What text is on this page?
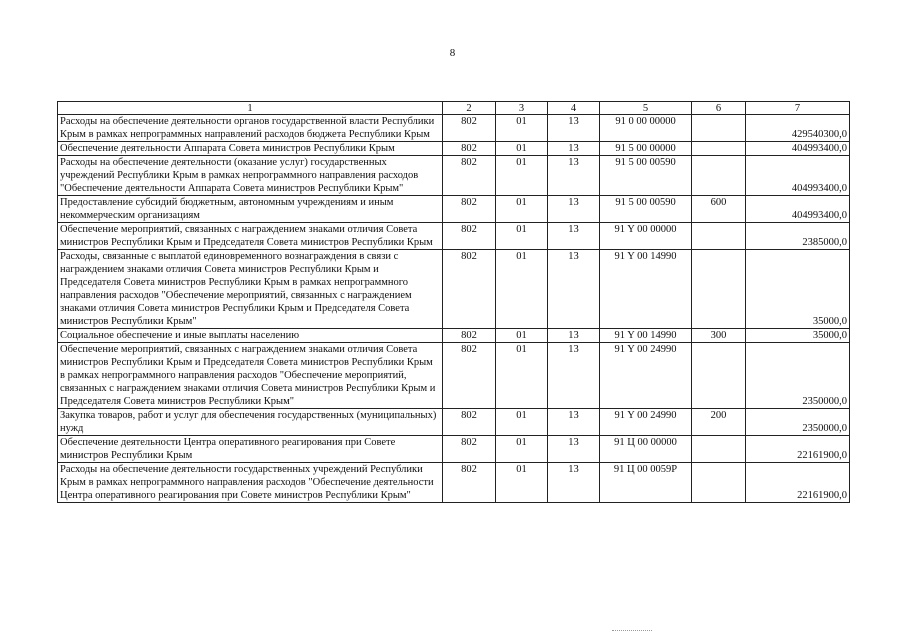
8
1	2	3	4	5	6	7
Расходы на обеспечение деятельности органов государственной власти Республики Крым в рамках непрограммных направлений расходов бюджета Республики Крым	802	01	13	91 0 00 00000		429540300,0
Обеспечение деятельности Аппарата Совета министров Республики Крым	802	01	13	91 5 00 00000		404993400,0
Расходы на обеспечение деятельности (оказание услуг) государственных учреждений Республики Крым в рамках непрограммного направления расходов "Обеспечение деятельности Аппарата Совета министров Республики Крым"	802	01	13	91 5 00 00590		404993400,0
Предоставление субсидий бюджетным, автономным учреждениям и иным некоммерческим организациям	802	01	13	91 5 00 00590	600	404993400,0
Обеспечение мероприятий, связанных с награждением знаками отличия Совета министров Республики Крым и Председателя Совета министров Республики Крым	802	01	13	91 Y 00 00000		2385000,0
Расходы, связанные с выплатой единовременного вознаграждения в связи с награждением знаками отличия Совета министров Республики Крым и Председателя Совета министров Республики Крым в рамках непрограммного направления расходов "Обеспечение мероприятий, связанных с награждением знаками отличия Совета министров Республики Крым и Председателя Совета министров Республики Крым"	802	01	13	91 Y 00 14990		35000,0
Социальное обеспечение и иные выплаты населению	802	01	13	91 Y 00 14990	300	35000,0
Обеспечение мероприятий, связанных с награждением знаками отличия Совета министров Республики Крым и Председателя Совета министров Республики Крым в рамках непрограммного направления расходов "Обеспечение мероприятий, связанных с награждением знаками отличия Совета министров Республики Крым и Председателя Совета министров Республики Крым"	802	01	13	91 Y 00 24990		2350000,0
Закупка товаров, работ и услуг для обеспечения государственных (муниципальных) нужд	802	01	13	91 Y 00 24990	200	2350000,0
Обеспечение деятельности Центра оперативного реагирования при Совете министров Республики Крым	802	01	13	91 Ц 00 00000		22161900,0
Расходы на обеспечение деятельности государственных учреждений Республики Крым в рамках непрограммного направления расходов "Обеспечение деятельности Центра оперативного реагирования при Совете министров Республики Крым"	802	01	13	91 Ц 00 0059Р		22161900,0
